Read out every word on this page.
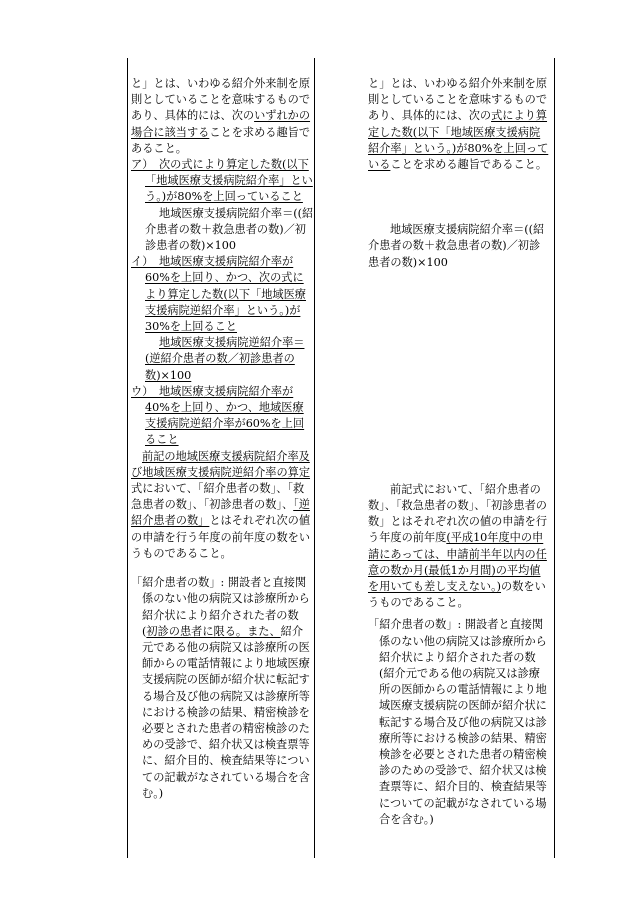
と」とは、いわゆる紹介外来制を原則としていることを意味するものであり、具体的には、次のいずれかの場合に該当することを求める趣旨であること。

ア）　次の式により算定した数(以下「地域医療支援病院紹介率」という。)が80%を上回っていること

地域医療支援病院紹介率＝((紹介患者の数＋救急患者の数)／初診患者の数)×100

イ）　地域医療支援病院紹介率が60%を上回り、かつ、次の式により算定した数(以下「地域医療支援病院逆紹介率」という。)が30%を上回ること

地域医療支援病院逆紹介率＝(逆紹介患者の数／初診患者の数)×100

ウ）　地域医療支援病院紹介率が40%を上回り、かつ、地域医療支援病院逆紹介率が60%を上回ること

前記の地域医療支援病院紹介率及び地域医療支援病院逆紹介率の算定式において、「紹介患者の数」、「救急患者の数」、「初診患者の数」、「逆紹介患者の数」とはそれぞれ次の値の申請を行う年度の前年度の数をいうものであること。

「紹介患者の数」: 開設者と直接関係のない他の病院又は診療所から紹介状により紹介された者の数(初診の患者に限る。また、紹介元である他の病院又は診療所の医師からの電話情報により地域医療支援病院の医師が紹介状に転記する場合及び他の病院又は診療所等における検診の結果、精密検診を必要とされた患者の精密検診のための受診で、紹介状又は検査票等に、紹介目的、検査結果等についての記載がなされている場合を含む。)

と」とは、いわゆる紹介外来制を原則としていることを意味するものであり、具体的には、次の式により算定した数(以下「地域医療支援病院紹介率」という。)が80%を上回っていることを求める趣旨であること。

地域医療支援病院紹介率＝((紹介患者の数＋救急患者の数)／初診患者の数)×100

前記式において、「紹介患者の数」、「救急患者の数」、「初診患者の数」とはそれぞれ次の値の申請を行う年度の前年度(平成10年度中の申請にあっては、申請前半年以内の任意の数か月(最低1か月間)の平均値を用いても差し支えない。)の数をいうものであること。

「紹介患者の数」: 開設者と直接関係のない他の病院又は診療所から紹介状により紹介された者の数(紹介元である他の病院又は診療所の医師からの電話情報により地域医療支援病院の医師が紹介状に転記する場合及び他の病院又は診療所等における検診の結果、精密検診を必要とされた患者の精密検診のための受診で、紹介状又は検査票等に、紹介目的、検査結果等についての記載がなされている場合を含む。)
